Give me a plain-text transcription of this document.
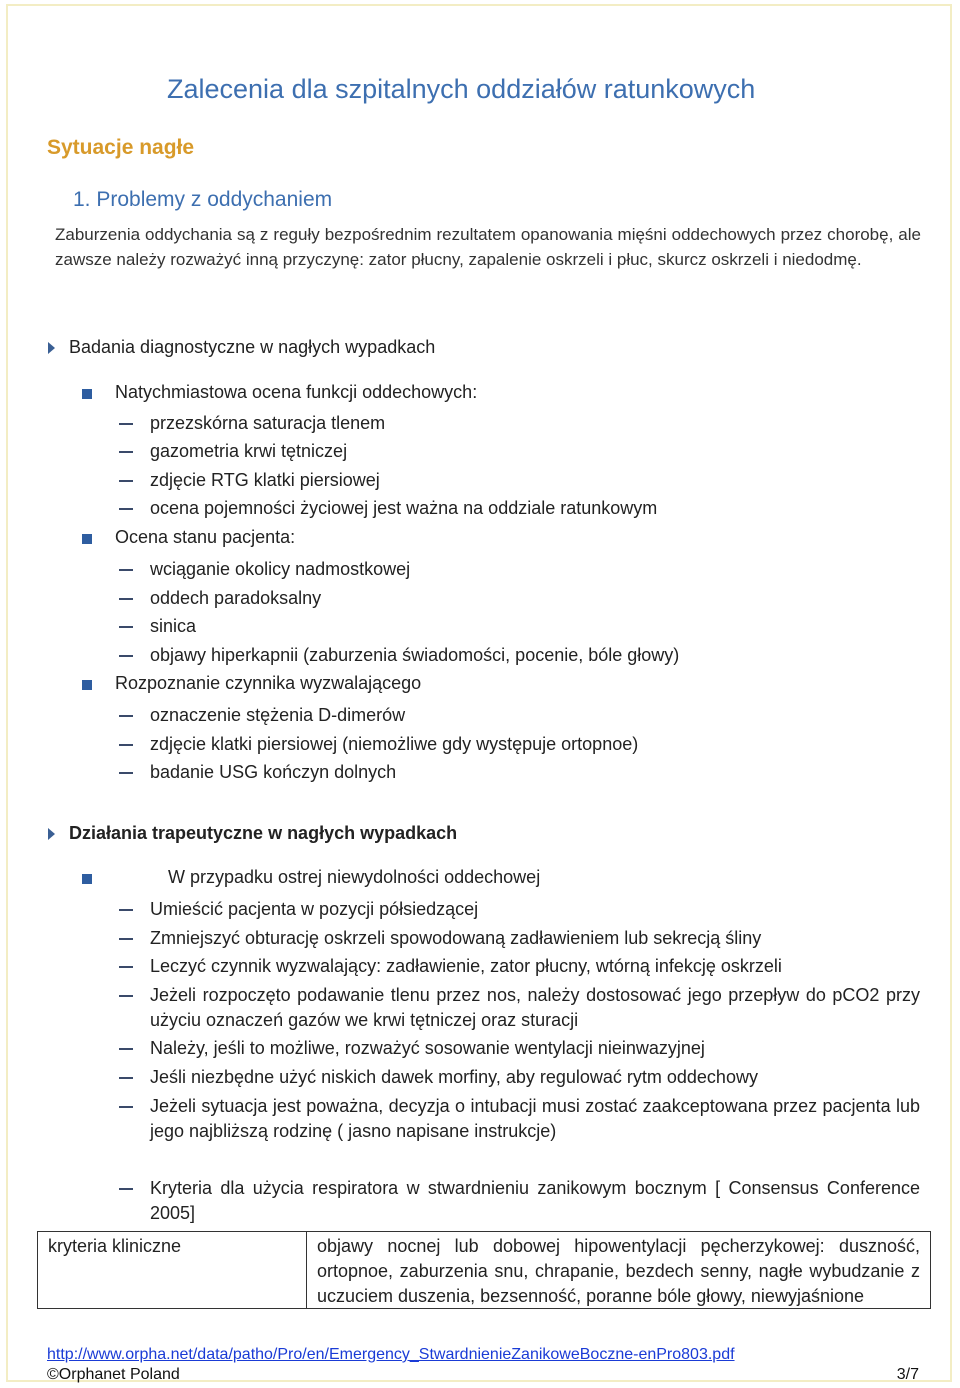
Zalecenia dla szpitalnych oddziałów ratunkowych
Sytuacje nagłe
1. Problemy z oddychaniem
Zaburzenia oddychania są z reguły bezpośrednim rezultatem opanowania mięśni oddechowych przez chorobę, ale zawsze należy rozważyć inną przyczynę: zator płucny, zapalenie oskrzeli i płuc, skurcz oskrzeli i niedodmę.
Badania diagnostyczne w nagłych wypadkach
Natychmiastowa ocena funkcji oddechowych:
przezskórna saturacja tlenem
gazometria krwi tętniczej
zdjęcie RTG klatki piersiowej
ocena pojemności życiowej jest ważna na oddziale ratunkowym
Ocena stanu pacjenta:
wciąganie okolicy nadmostkowej
oddech paradoksalny
sinica
objawy hiperkapnii (zaburzenia świadomości, pocenie, bóle głowy)
Rozpoznanie czynnika wyzwalającego
oznaczenie stężenia D-dimerów
zdjęcie klatki piersiowej (niemożliwe gdy występuje ortopnoe)
badanie USG kończyn dolnych
Działania trapeutyczne w nagłych wypadkach
W przypadku ostrej niewydolności oddechowej
Umieścić pacjenta w pozycji półsiedzącej
Zmniejszyć obturację oskrzeli spowodowaną zadławieniem lub sekrecją śliny
Leczyć czynnik wyzwalający: zadławienie, zator płucny, wtórną infekcję oskrzeli
Jeżeli rozpoczęto podawanie tlenu przez nos, należy dostosować jego przepływ do pCO2 przy użyciu oznaczeń gazów we krwi tętniczej oraz sturacji
Należy, jeśli to możliwe, rozważyć sosowanie wentylacji nieinwazyjnej
Jeśli niezbędne użyć niskich dawek morfiny, aby regulować rytm oddechowy
Jeżeli sytuacja jest poważna, decyzja o intubacji musi zostać zaakceptowana przez pacjenta lub jego najbliższą rodzinę ( jasno napisane instrukcje)
Kryteria dla użycia respiratora w stwardnieniu zanikowym bocznym [ Consensus Conference 2005]
kryteria kliniczne	objawy nocnej lub dobowej hipowentylacji pęcherzykowej: duszność, ortopnoe, zaburzenia snu, chrapanie, bezdech senny, nagłe wybudzanie z uczuciem duszenia, bezsenność, poranne bóle głowy, niewyjaśnione
http://www.orpha.net/data/patho/Pro/en/Emergency_StwardnienieZanikoweBoczne-enPro803.pdf
©Orphanet Poland	3/7
